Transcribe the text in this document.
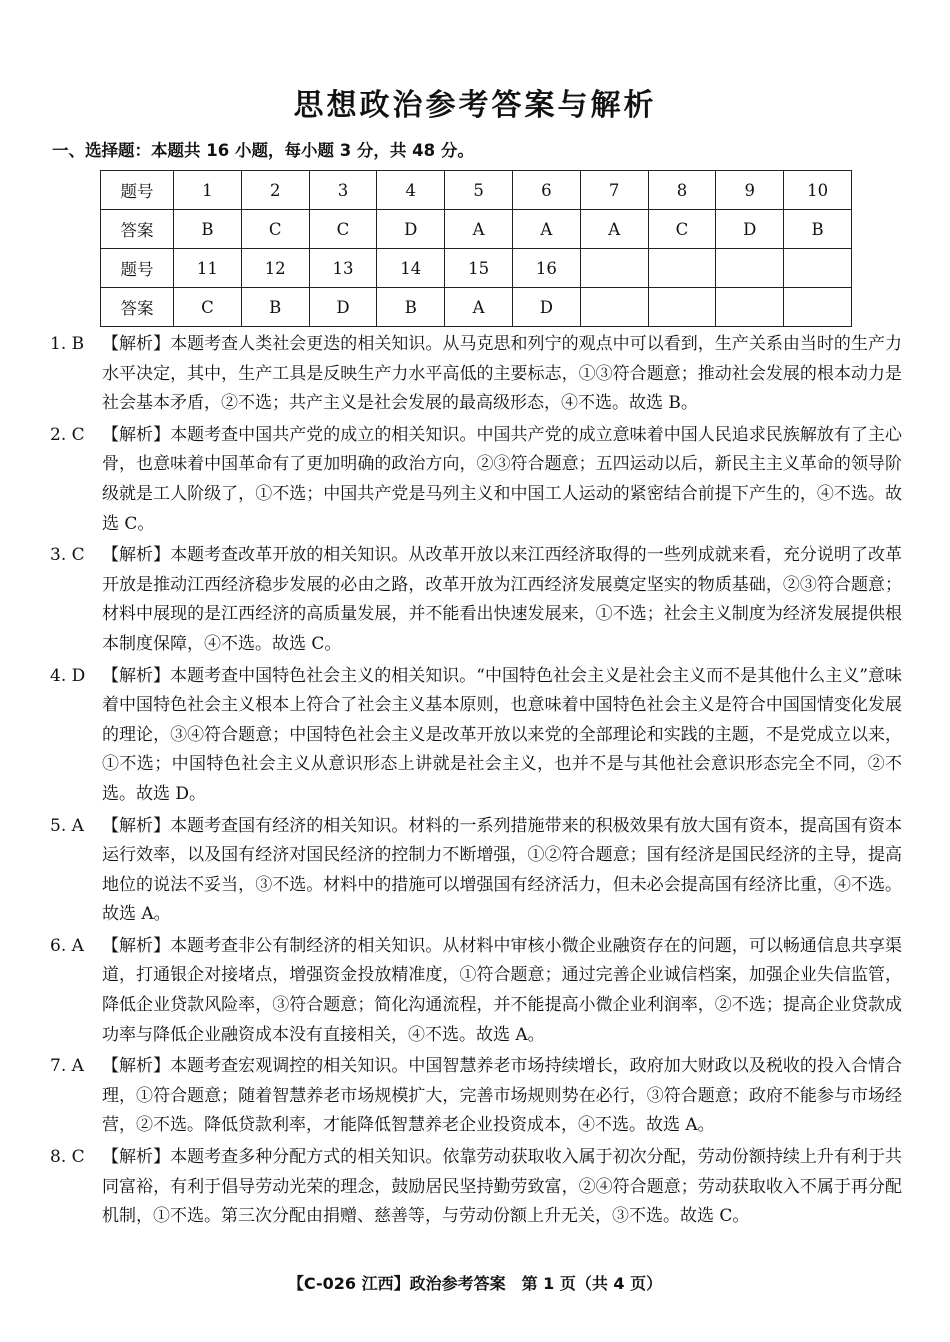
思想政治参考答案与解析
一、选择题：本题共 16 小题，每小题 3 分，共 48 分。
题号	1	2	3	4	5	6	7	8	9	10
答案	B	C	C	D	A	A	A	C	D	B
题号	11	12	13	14	15	16				
答案	C	B	D	B	A	D				
1. B 【解析】本题考查人类社会更迭的相关知识。从马克思和列宁的观点中可以看到，生产关系由当时的生产力水平决定，其中，生产工具是反映生产力水平高低的主要标志，①③符合题意；推动社会发展的根本动力是社会基本矛盾，②不选；共产主义是社会发展的最高级形态，④不选。故选 B。
2. C 【解析】本题考查中国共产党的成立的相关知识。中国共产党的成立意味着中国人民追求民族解放有了主心骨，也意味着中国革命有了更加明确的政治方向，②③符合题意；五四运动以后，新民主主义革命的领导阶级就是工人阶级了，①不选；中国共产党是马列主义和中国工人运动的紧密结合前提下产生的，④不选。故选 C。
3. C 【解析】本题考查改革开放的相关知识。从改革开放以来江西经济取得的一些列成就来看，充分说明了改革开放是推动江西经济稳步发展的必由之路，改革开放为江西经济发展奠定坚实的物质基础，②③符合题意；材料中展现的是江西经济的高质量发展，并不能看出快速发展来，①不选；社会主义制度为经济发展提供根本制度保障，④不选。故选 C。
4. D 【解析】本题考查中国特色社会主义的相关知识。“中国特色社会主义是社会主义而不是其他什么主义”意味着中国特色社会主义根本上符合了社会主义基本原则，也意味着中国特色社会主义是符合中国国情变化发展的理论，③④符合题意；中国特色社会主义是改革开放以来党的全部理论和实践的主题，不是党成立以来，①不选；中国特色社会主义从意识形态上讲就是社会主义，也并不是与其他社会意识形态完全不同，②不选。故选 D。
5. A 【解析】本题考查国有经济的相关知识。材料的一系列措施带来的积极效果有放大国有资本，提高国有资本运行效率，以及国有经济对国民经济的控制力不断增强，①②符合题意；国有经济是国民经济的主导，提高地位的说法不妥当，③不选。材料中的措施可以增强国有经济活力，但未必会提高国有经济比重，④不选。故选 A。
6. A 【解析】本题考查非公有制经济的相关知识。从材料中审核小微企业融资存在的问题，可以畅通信息共享渠道，打通银企对接堵点，增强资金投放精准度，①符合题意；通过完善企业诚信档案，加强企业失信监管，降低企业贷款风险率，③符合题意；简化沟通流程，并不能提高小微企业利润率，②不选；提高企业贷款成功率与降低企业融资成本没有直接相关，④不选。故选 A。
7. A 【解析】本题考查宏观调控的相关知识。中国智慧养老市场持续增长，政府加大财政以及税收的投入合情合理，①符合题意；随着智慧养老市场规模扩大，完善市场规则势在必行，③符合题意；政府不能参与市场经营，②不选。降低贷款利率，才能降低智慧养老企业投资成本，④不选。故选 A。
8. C 【解析】本题考查多种分配方式的相关知识。依靠劳动获取收入属于初次分配，劳动份额持续上升有利于共同富裕，有利于倡导劳动光荣的理念，鼓励居民坚持勤劳致富，②④符合题意；劳动获取收入不属于再分配机制，①不选。第三次分配由捐赠、慈善等，与劳动份额上升无关，③不选。故选 C。
【C-026 江西】政治参考答案　第 1 页（共 4 页）
